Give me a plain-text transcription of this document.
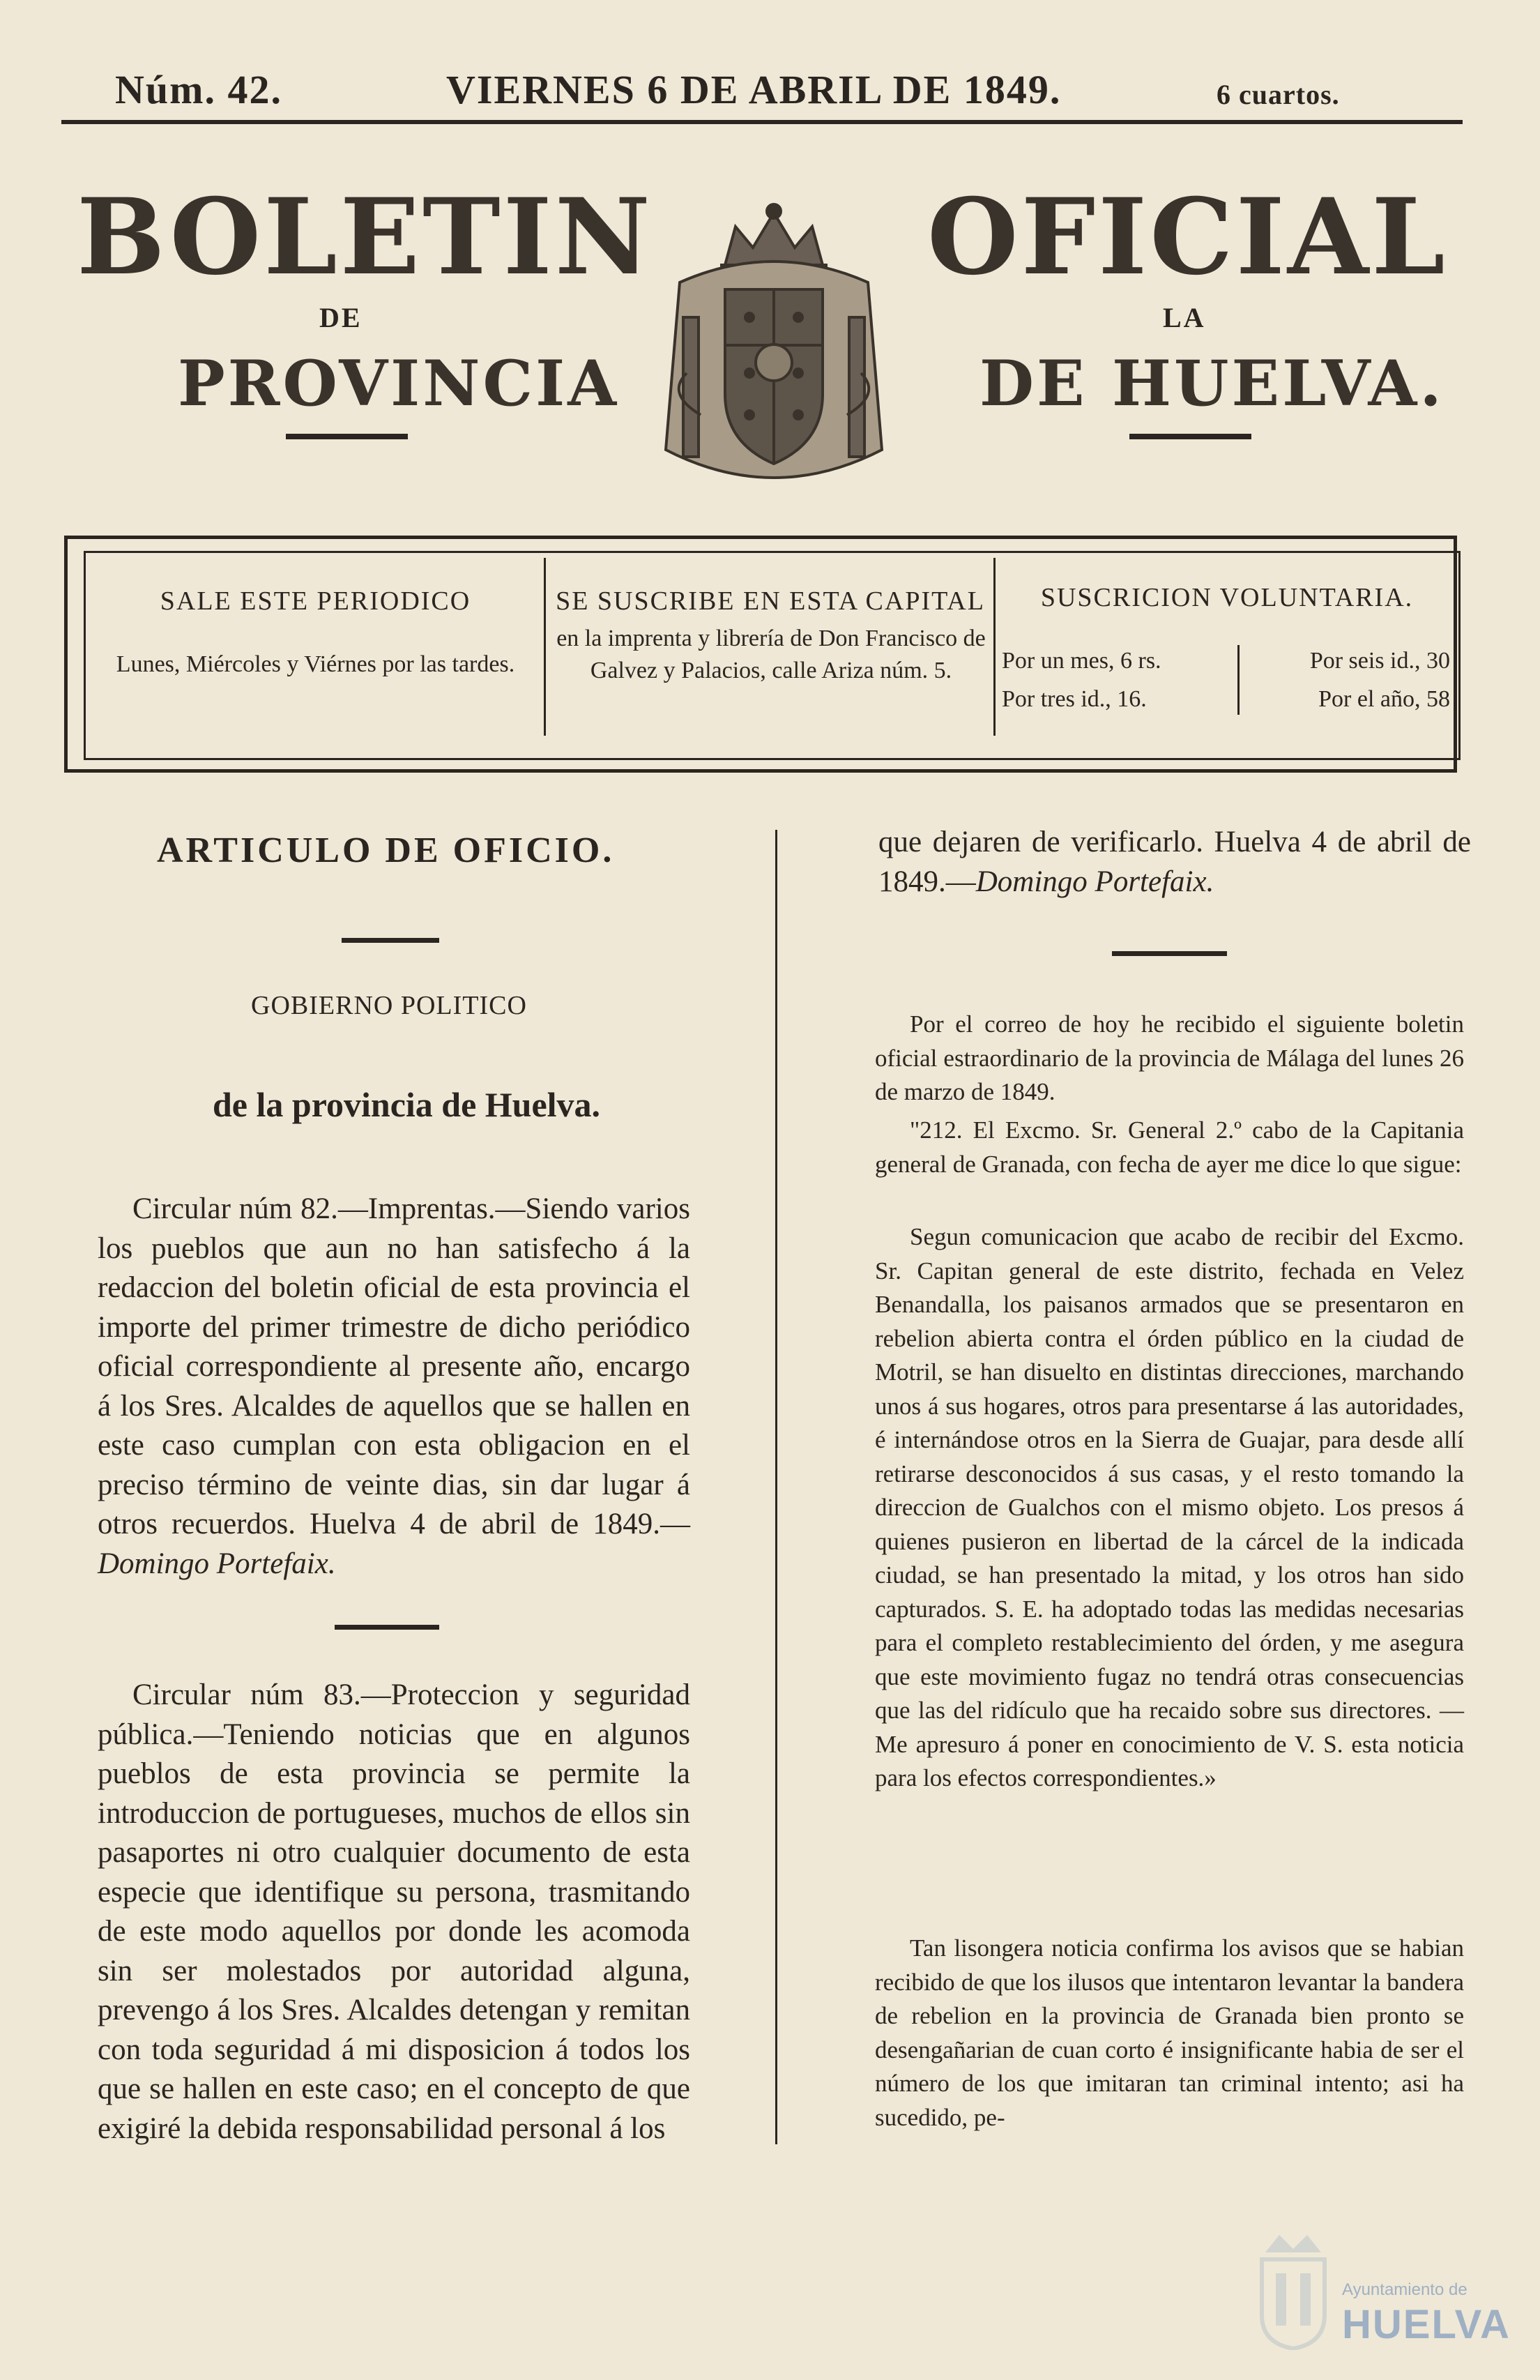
Núm. 42.	VIERNES 6 DE ABRIL DE 1849.	6 cuartos.
BOLETIN	OFICIAL
DE	LA
PROVINCIA	DE HUELVA.
SALE ESTE PERIODICO
Lunes, Miércoles y Viérnes por las tardes.
SE SUSCRIBE EN ESTA CAPITAL
en la imprenta y librería de Don Francisco de Galvez y Palacios, calle Ariza núm. 5.
SUSCRICION VOLUNTARIA.
Por un mes, 6 rs.	Por seis id., 30
Por tres id., 16.	Por el año, 58
ARTICULO DE OFICIO.
GOBIERNO POLITICO
de la provincia de Huelva.

Circular núm 82.—Imprentas.—Siendo varios los pueblos que aun no han satisfecho á la redaccion del boletin oficial de esta provincia el importe del primer trimestre de dicho periódico oficial correspondiente al presente año, encargo á los Sres. Alcaldes de aquellos que se hallen en este caso cumplan con esta obligacion en el preciso término de veinte dias, sin dar lugar á otros recuerdos. Huelva 4 de abril de 1849.—Domingo Portefaix.

Circular núm 83.—Proteccion y seguridad pública.—Teniendo noticias que en algunos pueblos de esta provincia se permite la introduccion de portugueses, muchos de ellos sin pasaportes ni otro cualquier documento de esta especie que identifique su persona, trasmitando de este modo aquellos por donde les acomoda sin ser molestados por autoridad alguna, prevengo á los Sres. Alcaldes detengan y remitan con toda seguridad á mi disposicion á todos los que se hallen en este caso; en el concepto de que exigiré la debida responsabilidad personal á los

que dejaren de verificarlo. Huelva 4 de abril de 1849.—Domingo Portefaix.

Por el correo de hoy he recibido el siguiente boletin oficial estraordinario de la provincia de Málaga del lunes 26 de marzo de 1849.

"212. El Excmo. Sr. General 2.º cabo de la Capitania general de Granada, con fecha de ayer me dice lo que sigue:

Segun comunicacion que acabo de recibir del Excmo. Sr. Capitan general de este distrito, fechada en Velez Benandalla, los paisanos armados que se presentaron en rebelion abierta contra el órden público en la ciudad de Motril, se han disuelto en distintas direcciones, marchando unos á sus hogares, otros para presentarse á las autoridades, é internándose otros en la Sierra de Guajar, para desde allí retirarse desconocidos á sus casas, y el resto tomando la direccion de Gualchos con el mismo objeto. Los presos á quienes pusieron en libertad de la cárcel de la indicada ciudad, se han presentado la mitad, y los otros han sido capturados. S. E. ha adoptado todas las medidas necesarias para el completo restablecimiento del órden, y me asegura que este movimiento fugaz no tendrá otras consecuencias que las del ridículo que ha recaido sobre sus directores. —Me apresuro á poner en conocimiento de V. S. esta noticia para los efectos correspondientes.»

Tan lisongera noticia confirma los avisos que se habian recibido de que los ilusos que intentaron levantar la bandera de rebelion en la provincia de Granada bien pronto se desengañarian de cuan corto é insignificante habia de ser el número de los que imitaran tan criminal intento; asi ha sucedido, pe-

Ayuntamiento de
HUELVA
